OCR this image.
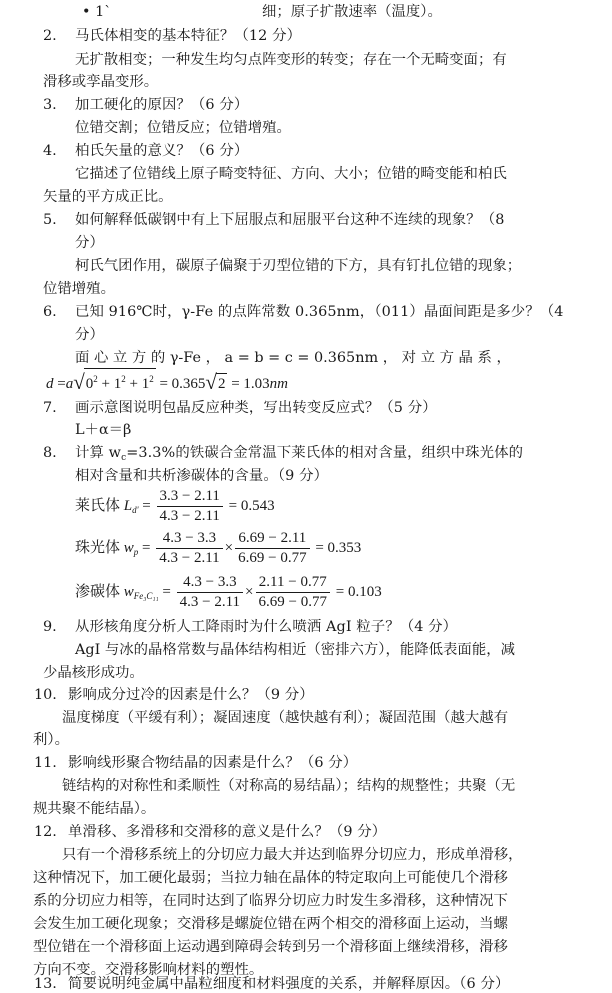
• 1`	细；原子扩散速率（温度）。
2. 马氏体相变的基本特征？（12 分）
无扩散相变；一种发生均匀点阵变形的转变；存在一个无畸变面；有
滑移或孪晶变形。
3. 加工硬化的原因？（6 分）
位错交割；位错反应；位错增殖。
4. 柏氏矢量的意义？（6 分）
它描述了位错线上原子畸变特征、方向、大小；位错的畸变能和柏氏
矢量的平方成正比。
5. 如何解释低碳钢中有上下屈服点和屈服平台这种不连续的现象？（8
分）
柯氏气团作用，碳原子偏聚于刃型位错的下方，具有钉扎位错的现象；
位错增殖。
6. 已知 916℃时，γ-Fe 的点阵常数 0.365nm，（011）晶面间距是多少？（4
分）
面 心 立 方 的 γ-Fe ， a = b = c = 0.365nm ， 对 立 方 晶 系 ，
$d =a√0^2 + 1^2 + 1^2 = 0.365√2 = 1.03nm$
7. 画示意图说明包晶反应种类，写出转变反应式？（5 分）
L＋α＝β
8. 计算 $w_c=3.3\%$的铁碳合金常温下莱氏体的相对含量，组织中珠光体的
相对含量和共析渗碳体的含量。（9 分）
莱氏体 $L_{d'} = \frac{3.3 - 2.11}{4.3 - 2.11} = 0.543$
珠光体 $w_p = \frac{4.3 - 3.3}{4.3 - 2.11} \times \frac{6.69 - 2.11}{6.69 - 0.77} = 0.353$
渗碳体 $w_{Fe_3C_{11}} = \frac{4.3 - 3.3}{4.3 - 2.11} \times \frac{2.11 - 0.77}{6.69 - 0.77} = 0.103$
9. 从形核角度分析人工降雨时为什么喷洒 AgI 粒子？（4 分）
AgI 与冰的晶格常数与晶体结构相近（密排六方），能降低表面能，减
少晶核形成功。
10. 影响成分过冷的因素是什么？（9 分）
温度梯度（平缓有利）；凝固速度（越快越有利）；凝固范围（越大越有
利）。
11. 影响线形聚合物结晶的因素是什么？（6 分）
链结构的对称性和柔顺性（对称高的易结晶）；结构的规整性；共聚（无
规共聚不能结晶）。
12. 单滑移、多滑移和交滑移的意义是什么？（9 分）
只有一个滑移系统上的分切应力最大并达到临界分切应力，形成单滑移，
这种情况下，加工硬化最弱；当拉力轴在晶体的特定取向上可能使几个滑移
系的分切应力相等，在同时达到了临界分切应力时发生多滑移，这种情况下
会发生加工硬化现象；交滑移是螺旋位错在两个相交的滑移面上运动，当螺
型位错在一个滑移面上运动遇到障碍会转到另一个滑移面上继续滑移，滑移
方向不变。交滑移影响材料的塑性。
13. 简要说明纯金属中晶粒细度和材料强度的关系，并解释原因。（6 分）
